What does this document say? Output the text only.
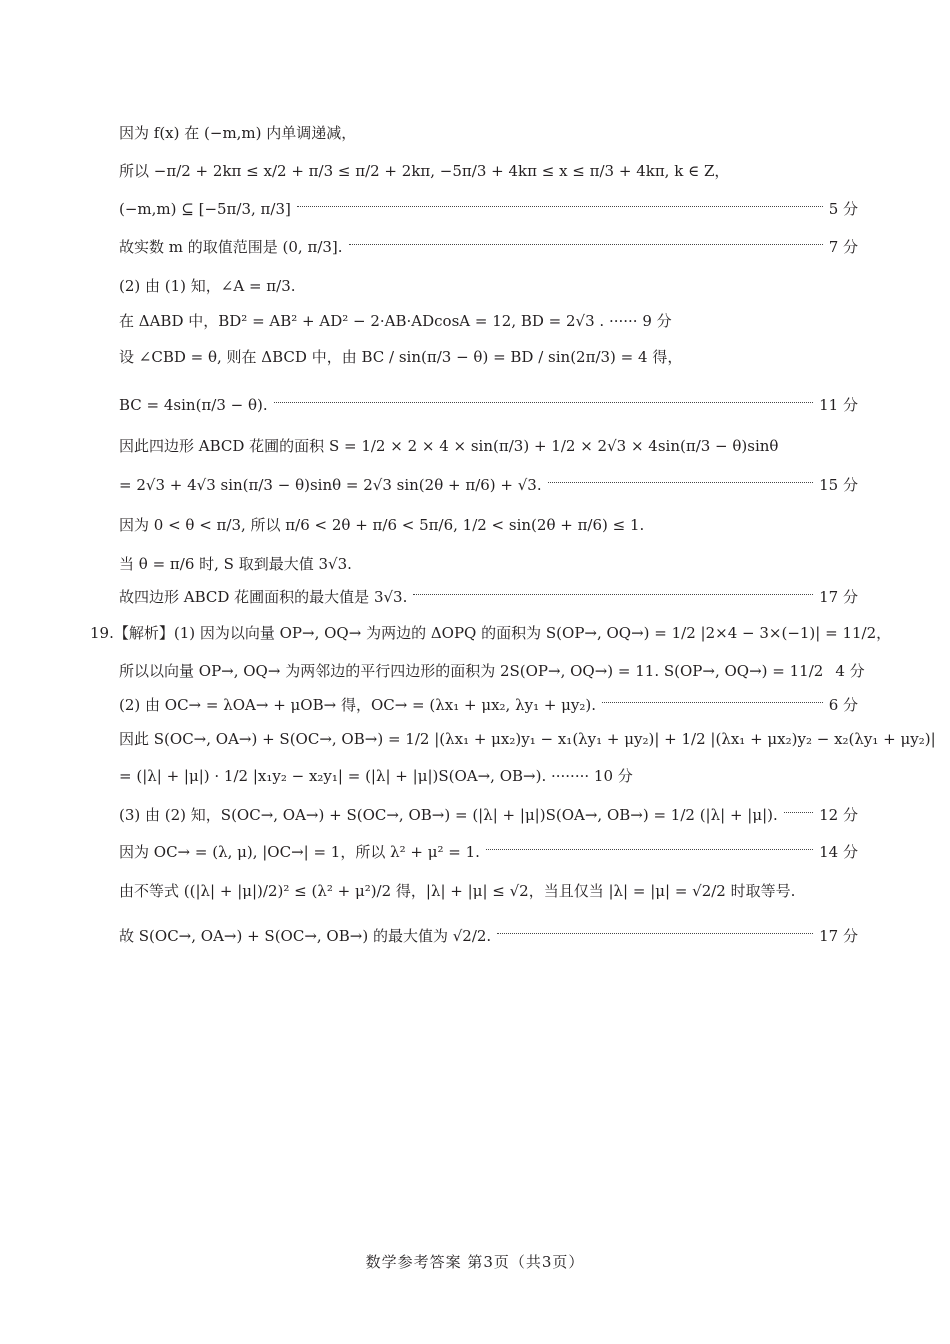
因为 f(x) 在 (−m,m) 内单调递减，
所以 −π/2 + 2kπ ≤ x/2 + π/3 ≤ π/2 + 2kπ, −5π/3 + 4kπ ≤ x ≤ π/3 + 4kπ, k ∈ Z，
(−m,m) ⊆ [−5π/3, π/3]	5 分
故实数 m 的取值范围是 (0, π/3].	7 分
(2) 由 (1) 知，∠A = π/3.
在 ΔABD 中，BD² = AB² + AD² − 2·AB·ADcosA = 12, BD = 2√3 . ······ 9 分
设 ∠CBD = θ, 则在 ΔBCD 中，由 BC / sin(π/3 − θ) = BD / sin(2π/3) = 4 得，
BC = 4sin(π/3 − θ).	11 分
因此四边形 ABCD 花圃的面积 S = 1/2 × 2 × 4 × sin(π/3) + 1/2 × 2√3 × 4sin(π/3 − θ)sinθ
= 2√3 + 4√3 sin(π/3 − θ)sinθ = 2√3 sin(2θ + π/6) + √3.	15 分
因为 0 < θ < π/3, 所以 π/6 < 2θ + π/6 < 5π/6, 1/2 < sin(2θ + π/6) ≤ 1.
当 θ = π/6 时, S 取到最大值 3√3.
故四边形 ABCD 花圃面积的最大值是 3√3.	17 分
19.【解析】(1) 因为以向量 OP→, OQ→ 为两边的 ΔOPQ 的面积为 S(OP→, OQ→) = 1/2 |2×4 − 3×(−1)| = 11/2，
所以以向量 OP→, OQ→ 为两邻边的平行四边形的面积为 2S(OP→, OQ→) = 11. S(OP→, OQ→) = 11/2 4 分
(2) 由 OC→ = λOA→ + μOB→ 得，OC→ = (λx₁ + μx₂, λy₁ + μy₂).	6 分
因此 S(OC→, OA→) + S(OC→, OB→) = 1/2 |(λx₁ + μx₂)y₁ − x₁(λy₁ + μy₂)| + 1/2 |(λx₁ + μx₂)y₂ − x₂(λy₁ + μy₂)|
= (|λ| + |μ|) · 1/2 |x₁y₂ − x₂y₁| = (|λ| + |μ|)S(OA→, OB→). ········ 10 分
(3) 由 (2) 知，S(OC→, OA→) + S(OC→, OB→) = (|λ| + |μ|)S(OA→, OB→) = 1/2 (|λ| + |μ|).	12 分
因为 OC→ = (λ, μ), |OC→| = 1，所以 λ² + μ² = 1.	14 分
由不等式 ((|λ| + |μ|)/2)² ≤ (λ² + μ²)/2 得，|λ| + |μ| ≤ √2，当且仅当 |λ| = |μ| = √2/2 时取等号.
故 S(OC→, OA→) + S(OC→, OB→) 的最大值为 √2/2.	17 分
数学参考答案 第3页（共3页）
